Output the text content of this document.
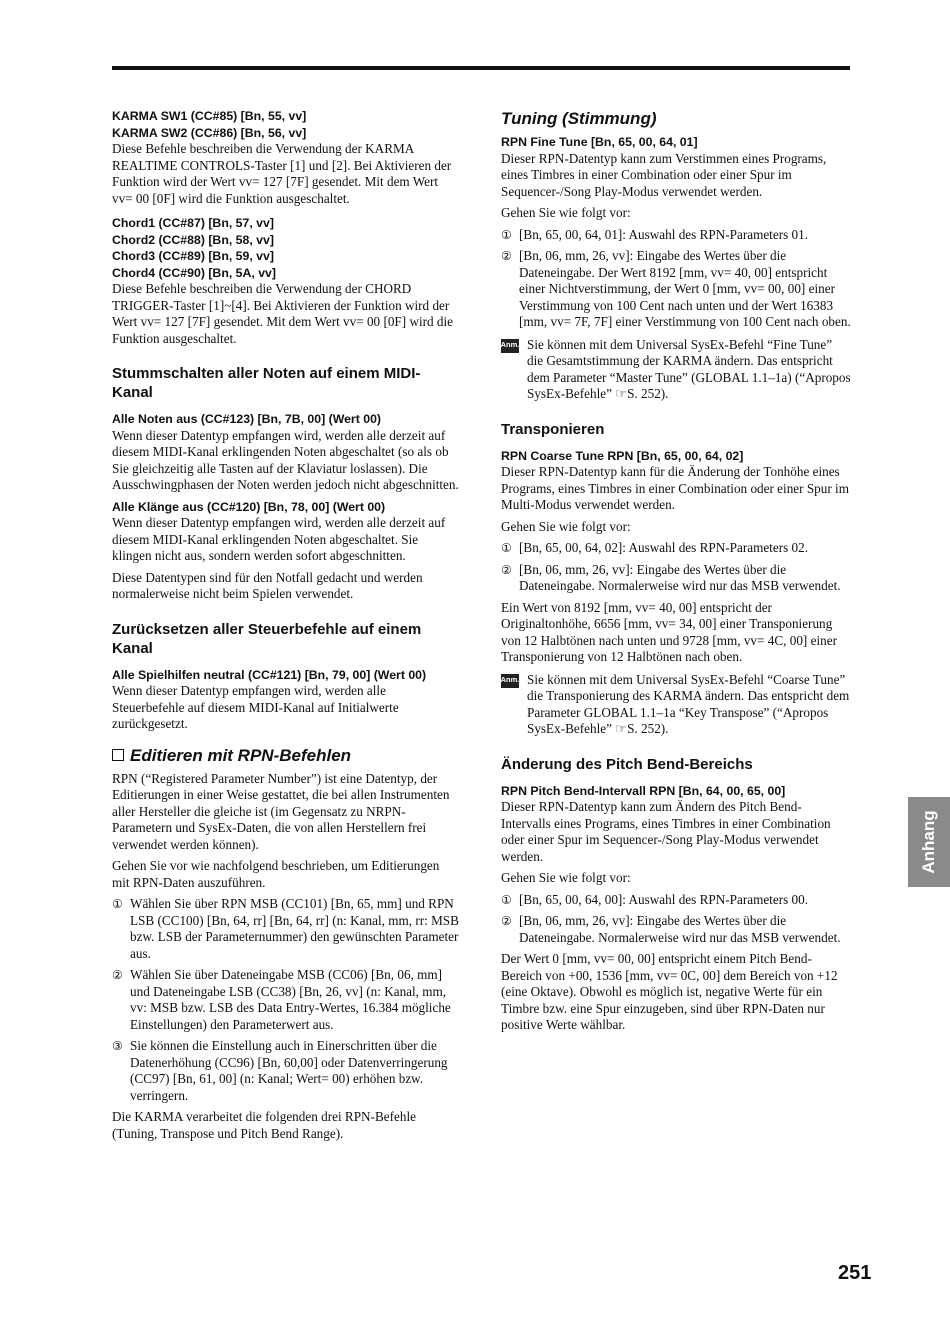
KARMA SW1 (CC#85) [Bn, 55, vv]
KARMA SW2 (CC#86) [Bn, 56, vv]

Diese Befehle beschreiben die Verwendung der KARMA REALTIME CONTROLS-Taster [1] und [2]. Bei Aktivieren der Funktion wird der Wert vv= 127 [7F] gesendet. Mit dem Wert vv= 00 [0F] wird die Funktion ausgeschaltet.

Chord1 (CC#87) [Bn, 57, vv]
Chord2 (CC#88) [Bn, 58, vv]
Chord3 (CC#89) [Bn, 59, vv]
Chord4 (CC#90) [Bn, 5A, vv]

Diese Befehle beschreiben die Verwendung der CHORD TRIGGER-Taster [1]~[4]. Bei Aktivieren der Funktion wird der Wert vv= 127 [7F] gesendet. Mit dem Wert vv= 00 [0F] wird die Funktion ausgeschaltet.

Stummschalten aller Noten auf einem MIDI-Kanal
Alle Noten aus (CC#123) [Bn, 7B, 00] (Wert 00)

Wenn dieser Datentyp empfangen wird, werden alle derzeit auf diesem MIDI-Kanal erklingenden Noten abgeschaltet (so als ob Sie gleichzeitig alle Tasten auf der Klaviatur loslassen). Die Ausschwingphasen der Noten werden jedoch nicht abgeschnitten.

Alle Klänge aus (CC#120) [Bn, 78, 00] (Wert 00)

Wenn dieser Datentyp empfangen wird, werden alle derzeit auf diesem MIDI-Kanal erklingenden Noten abgeschaltet. Sie klingen nicht aus, sondern werden sofort abgeschnitten.

Diese Datentypen sind für den Notfall gedacht und werden normalerweise nicht beim Spielen verwendet.

Zurücksetzen aller Steuerbefehle auf einem Kanal
Alle Spielhilfen neutral (CC#121) [Bn, 79, 00] (Wert 00)

Wenn dieser Datentyp empfangen wird, werden alle Steuerbefehle auf diesem MIDI-Kanal auf Initialwerte zurückgesetzt.

Editieren mit RPN-Befehlen

RPN (“Registered Parameter Number”) ist eine Datentyp, der Editierungen in einer Weise gestattet, die bei allen Instrumenten aller Hersteller die gleiche ist (im Gegensatz zu NRPN-Parametern und SysEx-Daten, die von allen Herstellern frei verwendet werden können).

Gehen Sie vor wie nachfolgend beschrieben, um Editierungen mit RPN-Daten auszuführen.

① Wählen Sie über RPN MSB (CC101) [Bn, 65, mm] und RPN LSB (CC100) [Bn, 64, rr] [Bn, 64, rr] (n: Kanal, mm, rr: MSB bzw. LSB der Parameternummer) den gewünschten Parameter aus.
② Wählen Sie über Dateneingabe MSB (CC06) [Bn, 06, mm] und Dateneingabe LSB (CC38) [Bn, 26, vv] (n: Kanal, mm, vv: MSB bzw. LSB des Data Entry-Wertes, 16.384 mögliche Einstellungen) den Parameterwert aus.
③ Sie können die Einstellung auch in Einerschritten über die Datenerhöhung (CC96) [Bn, 60,00] oder Datenverringerung (CC97) [Bn, 61, 00] (n: Kanal; Wert= 00) erhöhen bzw. verringern.

Die KARMA verarbeitet die folgenden drei RPN-Befehle (Tuning, Transpose und Pitch Bend Range).

Tuning (Stimmung)
RPN Fine Tune [Bn, 65, 00, 64, 01]

Dieser RPN-Datentyp kann zum Verstimmen eines Programs, eines Timbres in einer Combination oder einer Spur im Sequencer-/Song Play-Modus verwendet werden.

Gehen Sie wie folgt vor:

① [Bn, 65, 00, 64, 01]: Auswahl des RPN-Parameters 01.
② [Bn, 06, mm, 26, vv]: Eingabe des Wertes über die Dateneingabe. Der Wert 8192 [mm, vv= 40, 00] entspricht einer Nichtverstimmung, der Wert 0 [mm, vv= 00, 00] einer Verstimmung von 100 Cent nach unten und der Wert 16383 [mm, vv= 7F, 7F] einer Verstimmung von 100 Cent nach oben.
Anm. Sie können mit dem Universal SysEx-Befehl “Fine Tune” die Gesamtstimmung der KARMA ändern. Das entspricht dem Parameter “Master Tune” (GLOBAL 1.1–1a) (“Apropos SysEx-Befehle” ☞S. 252).
Transponieren
RPN Coarse Tune RPN [Bn, 65, 00, 64, 02]

Dieser RPN-Datentyp kann für die Änderung der Tonhöhe eines Programs, eines Timbres in einer Combination oder einer Spur im Multi-Modus verwendet werden.

Gehen Sie wie folgt vor:

① [Bn, 65, 00, 64, 02]: Auswahl des RPN-Parameters 02.
② [Bn, 06, mm, 26, vv]: Eingabe des Wertes über die Dateneingabe. Normalerweise wird nur das MSB verwendet.

Ein Wert von 8192 [mm, vv= 40, 00] entspricht der Originaltonhöhe, 6656 [mm, vv= 34, 00] einer Transponierung von 12 Halbtönen nach unten und 9728 [mm, vv= 4C, 00] einer Transponierung von 12 Halbtönen nach oben.

Anm. Sie können mit dem Universal SysEx-Befehl “Coarse Tune” die Transponierung des KARMA ändern. Das entspricht dem Parameter GLOBAL 1.1–1a “Key Transpose” (“Apropos SysEx-Befehle” ☞S. 252).
Änderung des Pitch Bend-Bereichs
RPN Pitch Bend-Intervall RPN [Bn, 64, 00, 65, 00]

Dieser RPN-Datentyp kann zum Ändern des Pitch Bend-Intervalls eines Programs, eines Timbres in einer Combination oder einer Spur im Sequencer-/Song Play-Modus verwendet werden.

Gehen Sie wie folgt vor:

① [Bn, 65, 00, 64, 00]: Auswahl des RPN-Parameters 00.
② [Bn, 06, mm, 26, vv]: Eingabe des Wertes über die Dateneingabe. Normalerweise wird nur das MSB verwendet.

Der Wert 0 [mm, vv= 00, 00] entspricht einem Pitch Bend-Bereich von +00, 1536 [mm, vv= 0C, 00] dem Bereich von +12 (eine Oktave). Obwohl es möglich ist, negative Werte für ein Timbre bzw. eine Spur einzugeben, sind über RPN-Daten nur positive Werte wählbar.

Anhang
251
